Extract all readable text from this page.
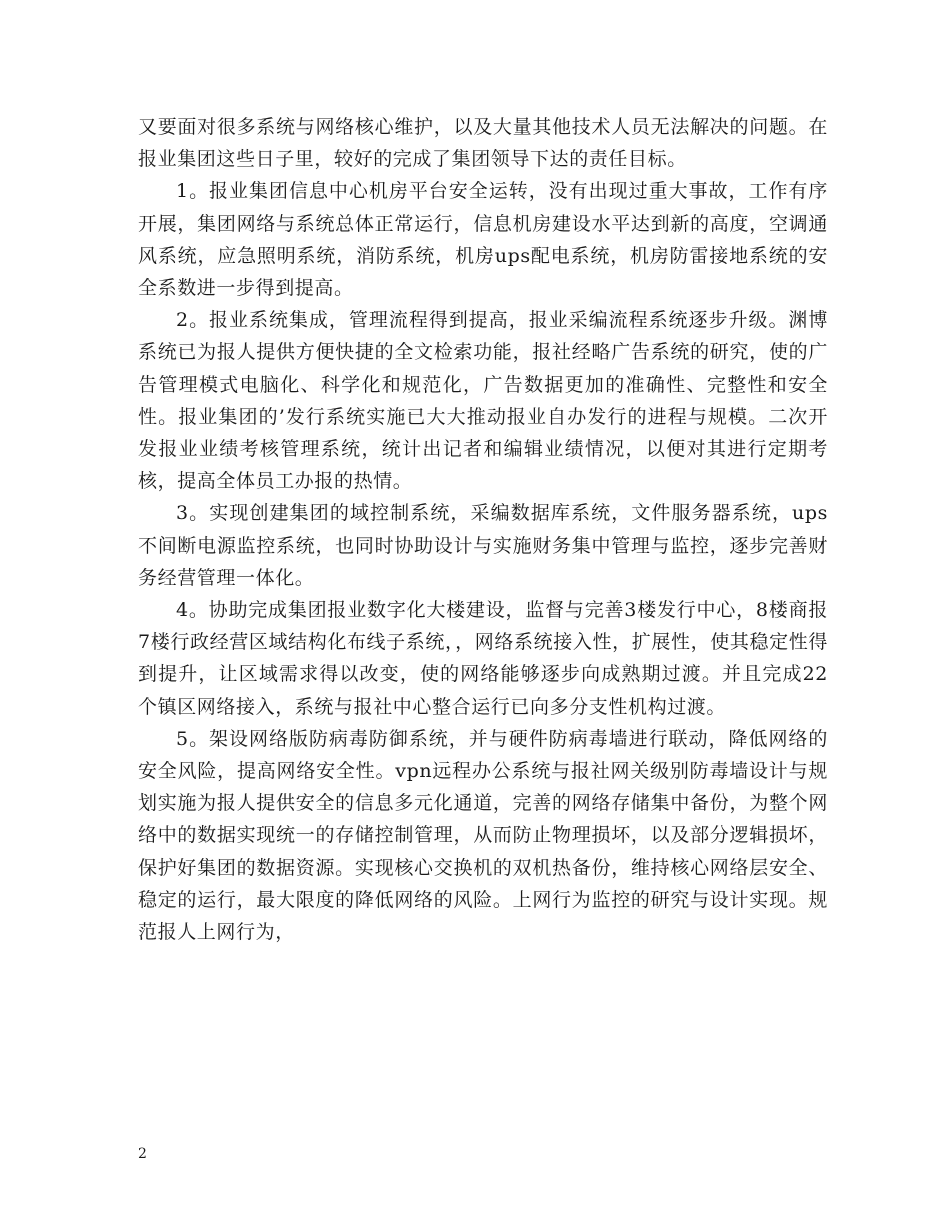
又要面对很多系统与网络核心维护，以及大量其他技术人员无法解决的问题。在报业集团这些日子里，较好的完成了集团领导下达的责任目标。

1。报业集团信息中心机房平台安全运转，没有出现过重大事故，工作有序开展，集团网络与系统总体正常运行，信息机房建设水平达到新的高度，空调通风系统，应急照明系统，消防系统，机房ups配电系统，机房防雷接地系统的安全系数进一步得到提高。

2。报业系统集成，管理流程得到提高，报业采编流程系统逐步升级。渊博系统已为报人提供方便快捷的全文检索功能，报社经略广告系统的研究，使的广告管理模式电脑化、科学化和规范化，广告数据更加的准确性、完整性和安全性。报业集团的’发行系统实施已大大推动报业自办发行的进程与规模。二次开发报业业绩考核管理系统，统计出记者和编辑业绩情况，以便对其进行定期考核，提高全体员工办报的热情。

3。实现创建集团的域控制系统，采编数据库系统，文件服务器系统，ups不间断电源监控系统，也同时协助设计与实施财务集中管理与监控，逐步完善财务经营管理一体化。

4。协助完成集团报业数字化大楼建设，监督与完善3楼发行中心，8楼商报7楼行政经营区域结构化布线子系统，，网络系统接入性，扩展性，使其稳定性得到提升，让区域需求得以改变，使的网络能够逐步向成熟期过渡。并且完成22个镇区网络接入，系统与报社中心整合运行已向多分支性机构过渡。

5。架设网络版防病毒防御系统，并与硬件防病毒墙进行联动，降低网络的安全风险，提高网络安全性。vpn远程办公系统与报社网关级别防毒墙设计与规划实施为报人提供安全的信息多元化通道，完善的网络存储集中备份，为整个网络中的数据实现统一的存储控制管理，从而防止物理损坏，以及部分逻辑损坏，保护好集团的数据资源。实现核心交换机的双机热备份，维持核心网络层安全、稳定的运行，最大限度的降低网络的风险。上网行为监控的研究与设计实现。规范报人上网行为，

2
